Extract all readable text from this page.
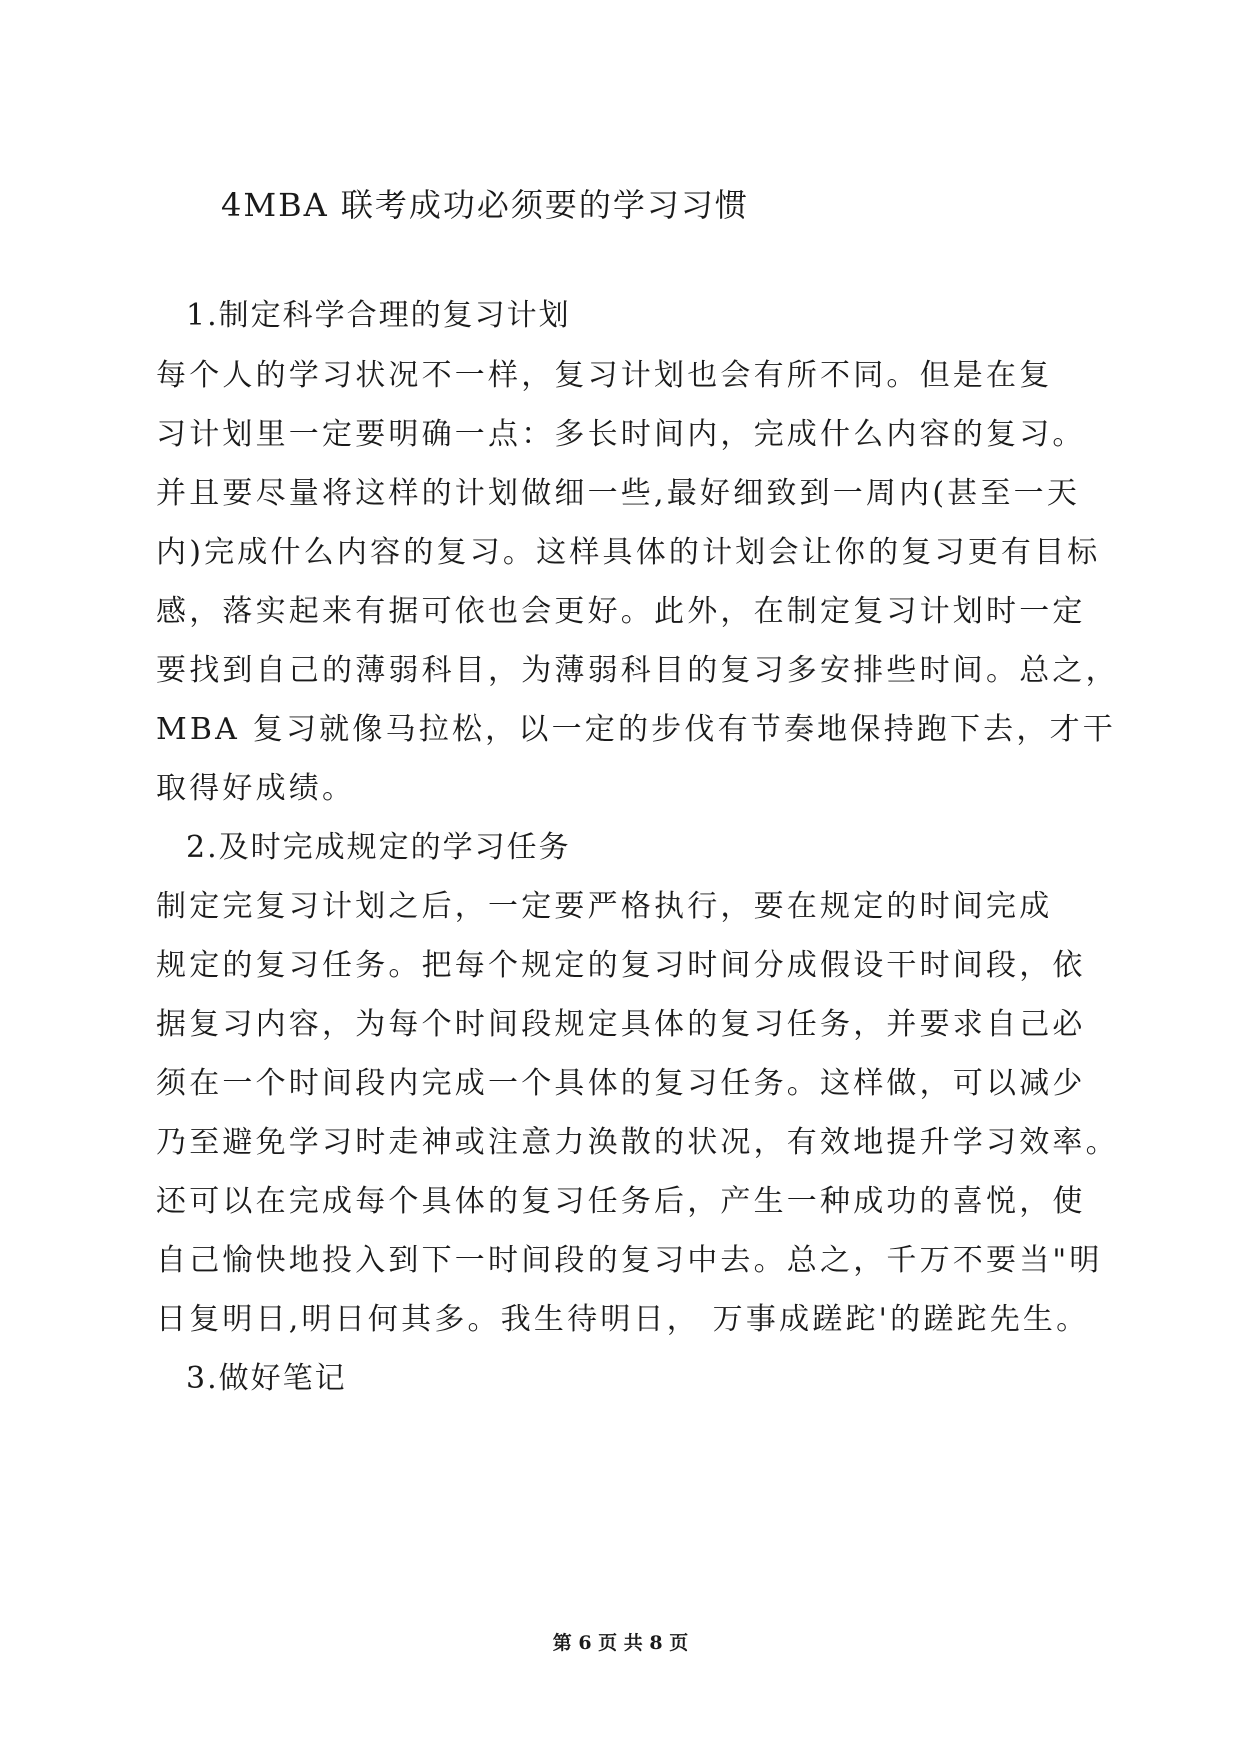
4MBA 联考成功必须要的学习习惯
1.制定科学合理的复习计划
每个人的学习状况不一样，复习计划也会有所不同。但是在复
习计划里一定要明确一点：多长时间内，完成什么内容的复习。
并且要尽量将这样的计划做细一些,最好细致到一周内(甚至一天
内)完成什么内容的复习。这样具体的计划会让你的复习更有目标
感，落实起来有据可依也会更好。此外，在制定复习计划时一定
要找到自己的薄弱科目，为薄弱科目的复习多安排些时间。总之，
MBA 复习就像马拉松，以一定的步伐有节奏地保持跑下去，才干
取得好成绩。
2.及时完成规定的学习任务
制定完复习计划之后，一定要严格执行，要在规定的时间完成
规定的复习任务。把每个规定的复习时间分成假设干时间段，依
据复习内容，为每个时间段规定具体的复习任务，并要求自己必
须在一个时间段内完成一个具体的复习任务。这样做，可以减少
乃至避免学习时走神或注意力涣散的状况，有效地提升学习效率。
还可以在完成每个具体的复习任务后，产生一种成功的喜悦，使
自己愉快地投入到下一时间段的复习中去。总之，千万不要当"明
日复明日,明日何其多。我生待明日， 万事成蹉跎'的蹉跎先生。
3.做好笔记
第 6 页 共 8 页
